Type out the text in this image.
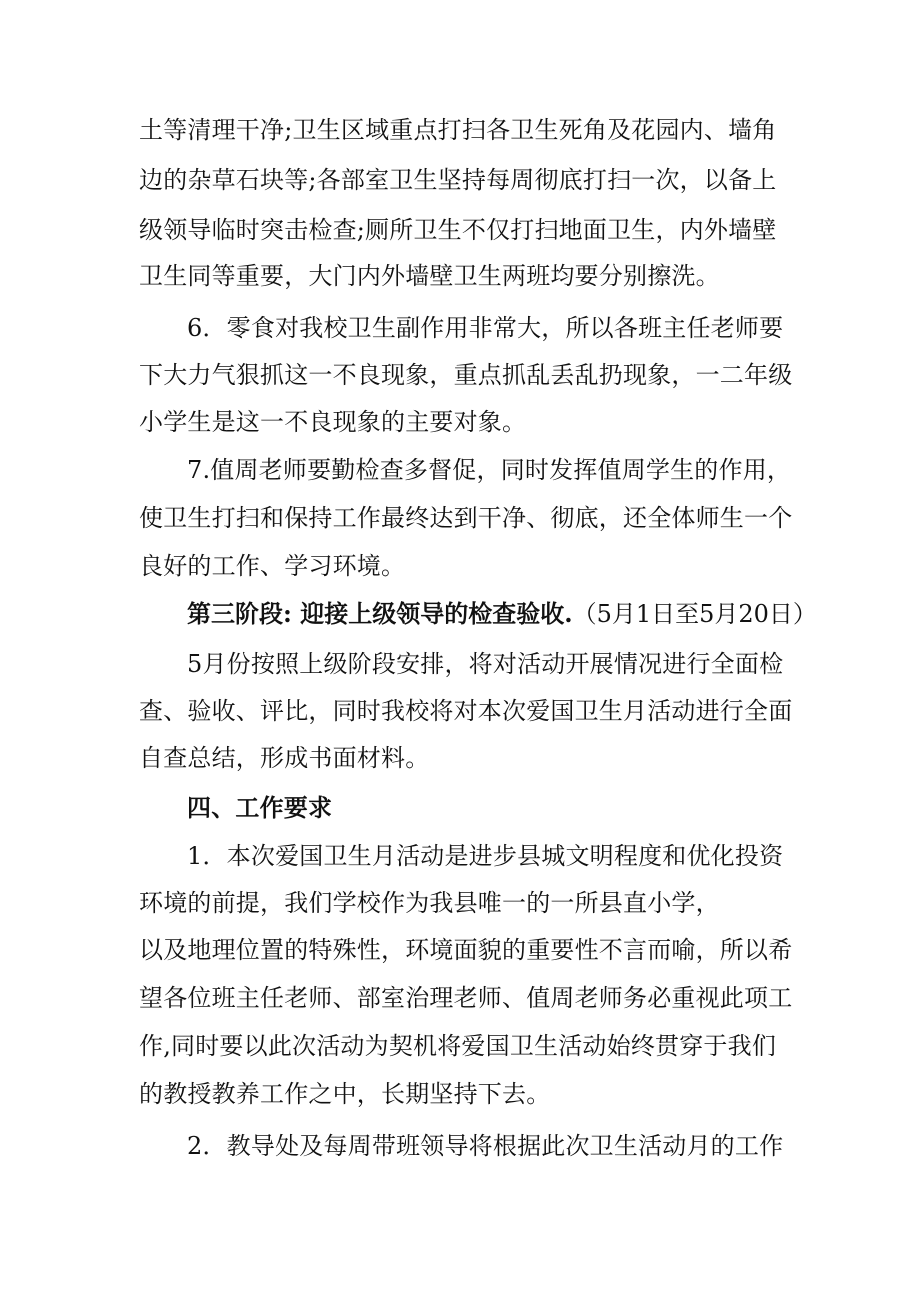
土等清理干净;卫生区域重点打扫各卫生死角及花园内、墙角
边的杂草石块等;各部室卫生坚持每周彻底打扫一次，以备上
级领导临时突击检查;厕所卫生不仅打扫地面卫生，内外墙壁
卫生同等重要，大门内外墙壁卫生两班均要分别擦洗。
6．零食对我校卫生副作用非常大，所以各班主任老师要
下大力气狠抓这一不良现象，重点抓乱丢乱扔现象，一二年级
小学生是这一不良现象的主要对象。
7.值周老师要勤检查多督促，同时发挥值周学生的作用，
使卫生打扫和保持工作最终达到干净、彻底，还全体师生一个
良好的工作、学习环境。
第三阶段: 迎接上级领导的检查验收.（5月1日至5月20日）
5月份按照上级阶段安排，将对活动开展情况进行全面检
查、验收、评比，同时我校将对本次爱国卫生月活动进行全面
自查总结，形成书面材料。
四、工作要求
1．本次爱国卫生月活动是进步县城文明程度和优化投资
环境的前提，我们学校作为我县唯一的一所县直小学，
以及地理位置的特殊性，环境面貌的重要性不言而喻，所以希
望各位班主任老师、部室治理老师、值周老师务必重视此项工
作,同时要以此次活动为契机将爱国卫生活动始终贯穿于我们
的教授教养工作之中，长期坚持下去。
2．教导处及每周带班领导将根据此次卫生活动月的工作
